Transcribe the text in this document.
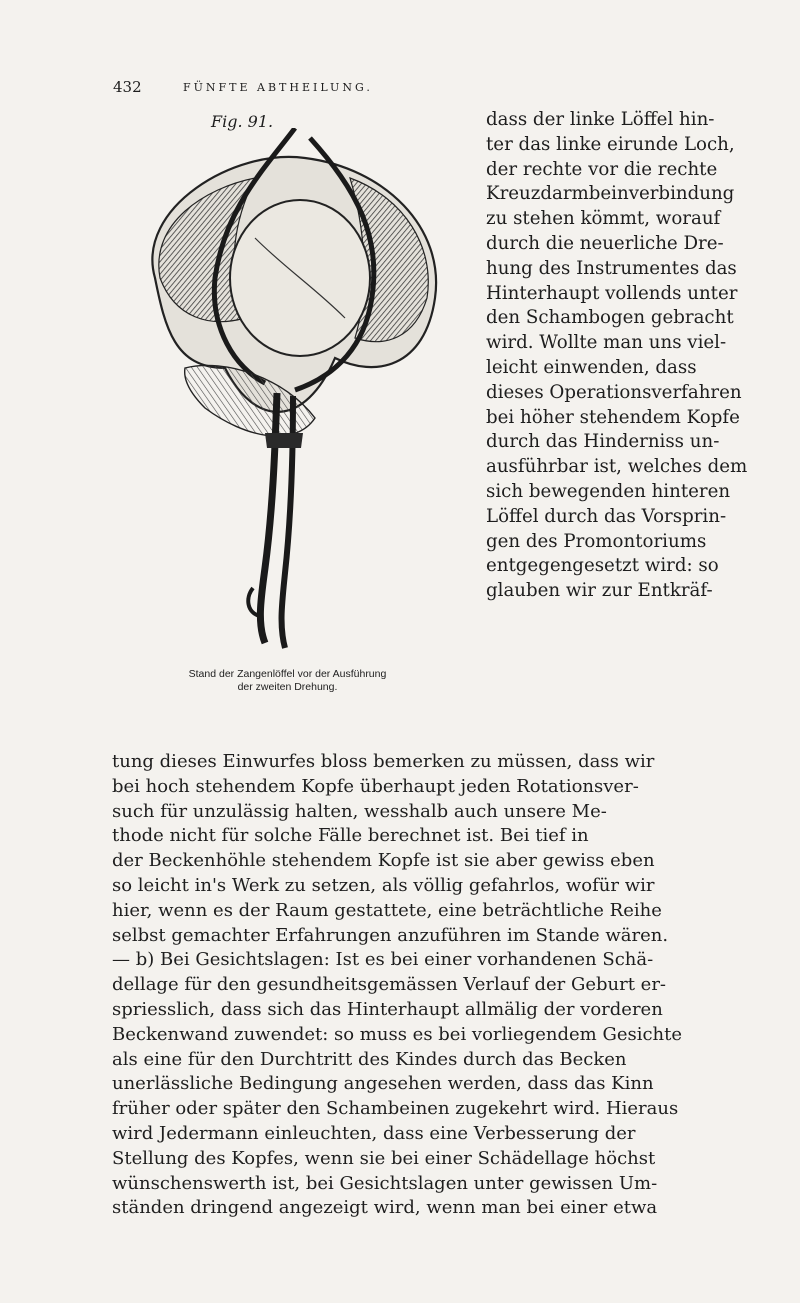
432	FÜNFTE ABTHEILUNG.
Fig. 91.
Stand der Zangenlöffel vor der Ausführung
der zweiten Drehung.
dass der linke Löffel hin-
ter das linke eirunde Loch,
der rechte vor die rechte
Kreuzdarmbeinverbindung
zu stehen kömmt, worauf
durch die neuerliche Dre-
hung des Instrumentes das
Hinterhaupt vollends unter
den Schambogen gebracht
wird. Wollte man uns viel-
leicht einwenden, dass
dieses Operationsverfahren
bei höher stehendem Kopfe
durch das Hinderniss un-
ausführbar ist, welches dem
sich bewegenden hinteren
Löffel durch das Vorsprin-
gen des Promontoriums
entgegengesetzt wird: so
glauben wir zur Entkräf-
tung dieses Einwurfes bloss bemerken zu müssen, dass wir
bei hoch stehendem Kopfe überhaupt jeden Rotationsver-
such für unzulässig halten, wesshalb auch unsere Me-
thode nicht für solche Fälle berechnet ist. Bei tief in
der Beckenhöhle stehendem Kopfe ist sie aber gewiss eben
so leicht in's Werk zu setzen, als völlig gefahrlos, wofür wir
hier, wenn es der Raum gestattete, eine beträchtliche Reihe
selbst gemachter Erfahrungen anzuführen im Stande wären.
— b) Bei Gesichtslagen: Ist es bei einer vorhandenen Schä-
dellage für den gesundheitsgemässen Verlauf der Geburt er-
spriesslich, dass sich das Hinterhaupt allmälig der vorderen
Beckenwand zuwendet: so muss es bei vorliegendem Gesichte
als eine für den Durchtritt des Kindes durch das Becken
unerlässliche Bedingung angesehen werden, dass das Kinn
früher oder später den Schambeinen zugekehrt wird. Hieraus
wird Jedermann einleuchten, dass eine Verbesserung der
Stellung des Kopfes, wenn sie bei einer Schädellage höchst
wünschenswerth ist, bei Gesichtslagen unter gewissen Um-
ständen dringend angezeigt wird, wenn man bei einer etwa
